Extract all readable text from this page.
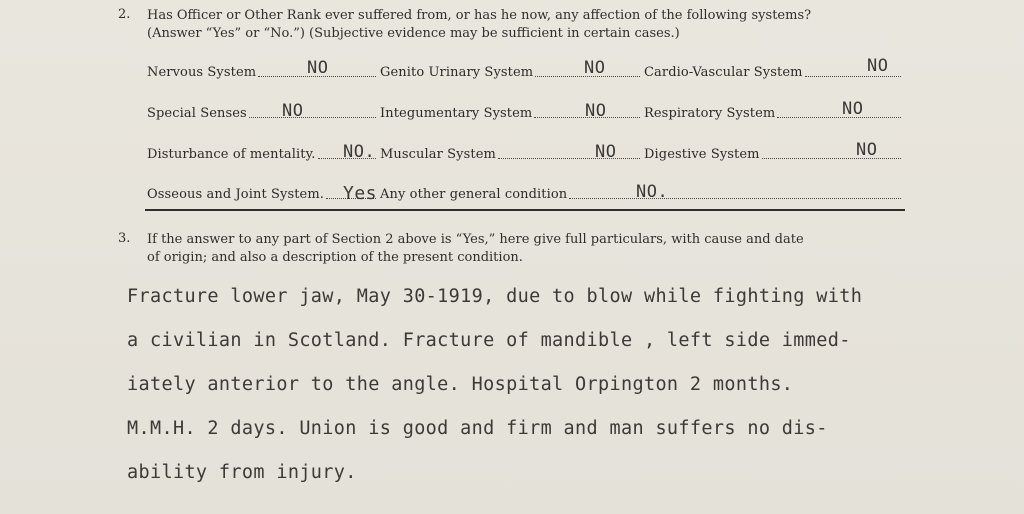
2. Has Officer or Other Rank ever suffered from, or has he now, any affection of the following systems?
(Answer “Yes” or “No.”) (Subjective evidence may be sufficient in certain cases.)
Nervous System	NO	Genito Urinary System	NO	Cardio-Vascular System	NO
Special Senses NO	Integumentary System	NO	Respiratory System	NO
Disturbance of mentality. NO. Muscular System	NO Digestive System	NO
Osseous and Joint System. Yes Any other general condition	NO.
3. If the answer to any part of Section 2 above is “Yes,” here give full particulars, with cause and date
of origin; and also a description of the present condition.
Fracture lower jaw, May 30-1919, due to blow while fighting with
a civilian in Scotland. Fracture of mandible , left side immed-
iately anterior to the angle. Hospital Orpington 2 months.
M.M.H. 2 days. Union is good and firm and man suffers no dis-
ability from injury.
